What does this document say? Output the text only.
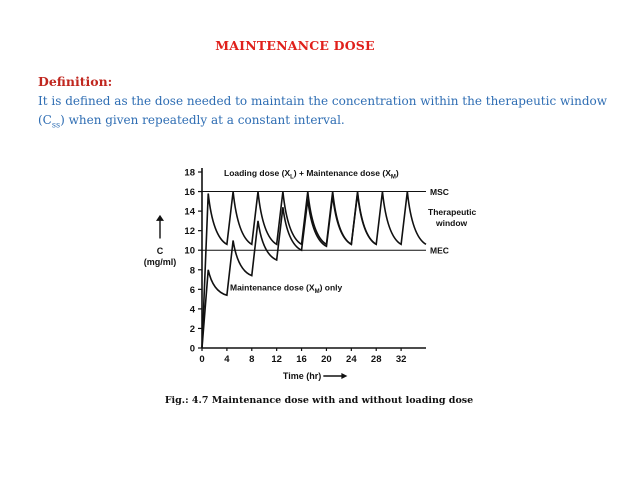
MAINTENANCE DOSE
Definition:
It is defined as the dose needed to maintain the concentration within the therapeutic window
$(C_{ss})$ when given repeatedly at a constant interval.
0
2
4
6
8
10
12
14
16
18
0 4 8 12 16 20 24 28 32
MSC
MEC
Therapeutic
window
Loading dose $(X_L)$ + Maintenance dose $(X_M)$
Maintenance dose $(X_M)$ only
C
(mg/ml)
Time (hr)
Fig.: 4.7 Maintenance dose with and without loading dose
